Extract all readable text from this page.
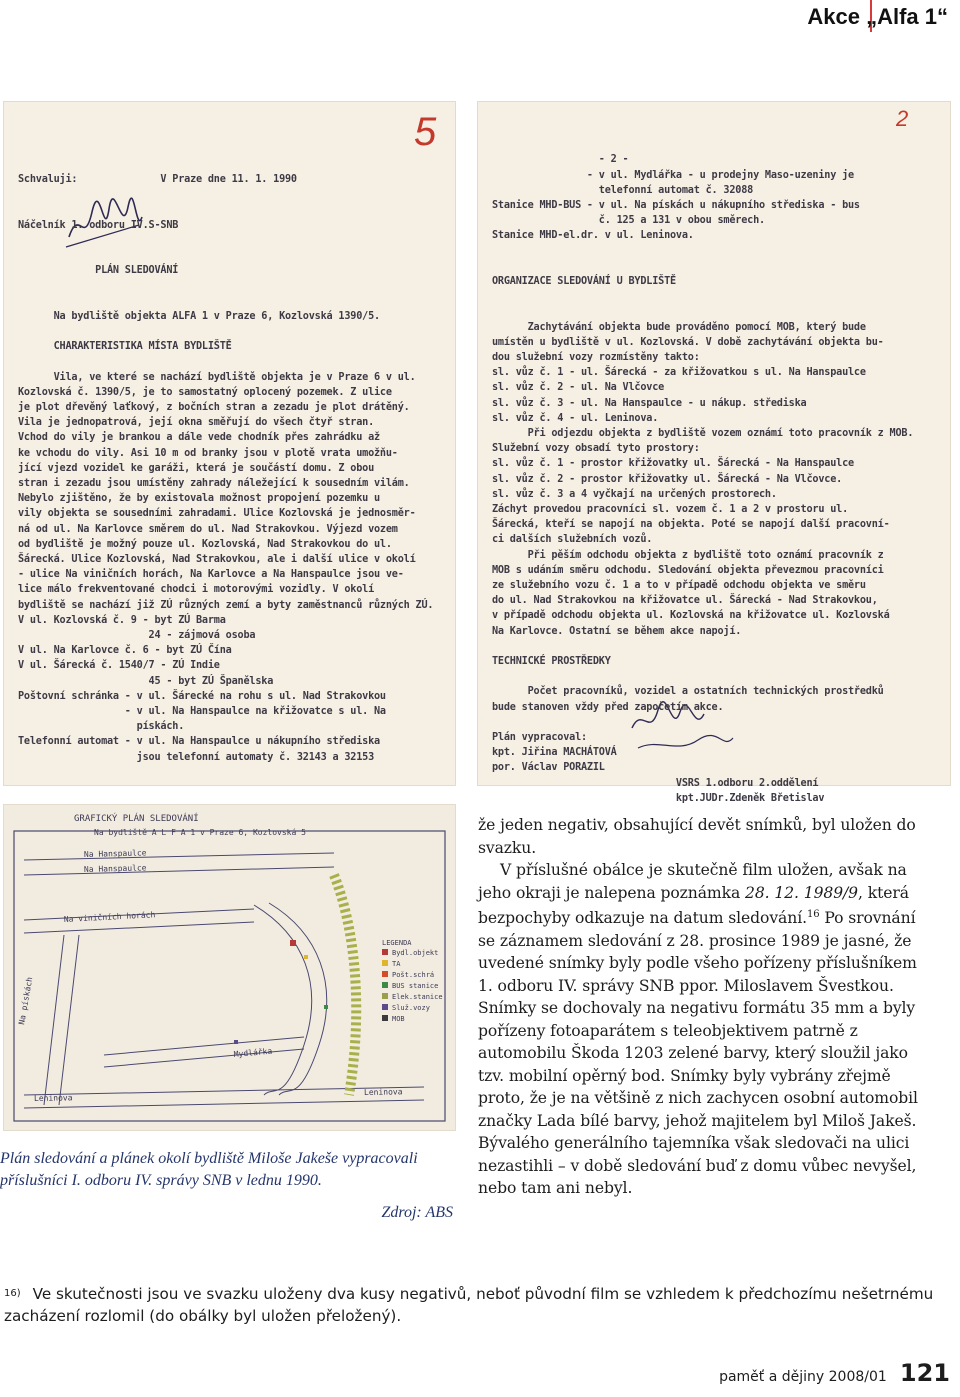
Akce „Alfa 1“
5
Schvaluji:              V Praze dne 11. 1. 1990
Náčelník 1. odboru IV.S-SNB
PLÁN SLEDOVÁNÍ
Na bydliště objekta ALFA 1 v Praze 6, Kozlovská 1390/5.
CHARAKTERISTIKA MÍSTA BYDLIŠTĚ
Vila, ve které se nachází bydliště objekta je v Praze 6 v ul.
Kozlovská č. 1390/5, je to samostatný oplocený pozemek. Z ulice
je plot dřevěný laťkový, z bočních stran a zezadu je plot drátěný.
Vila je jednopatrová, její okna směřují do všech čtyř stran.
Vchod do vily je brankou a dále vede chodník přes zahrádku až
ke vchodu do vily. Asi 10 m od branky jsou v plotě vrata umožňu-
jící vjezd vozidel ke garáži, která je součástí domu. Z obou
stran i zezadu jsou umístěny zahrady náležející k sousedním vilám.
Nebylo zjištěno, že by existovala možnost propojení pozemku u
vily objekta se sousedními zahradami. Ulice Kozlovská je jednosměr-
ná od ul. Na Karlovce směrem do ul. Nad Strakovkou. Výjezd vozem
od bydliště je možný pouze ul. Kozlovská, Nad Strakovkou do ul.
Šárecká. Ulice Kozlovská, Nad Strakovkou, ale i další ulice v okolí
- ulice Na viničních horách, Na Karlovce a Na Hanspaulce jsou ve-
lice málo frekventované chodci i motorovými vozidly. V okolí
bydliště se nachází již ZÚ různých zemí a byty zaměstnanců různých ZÚ.
V ul. Kozlovská č. 9 - byt ZÚ Barma
24 - zájmová osoba
V ul. Na Karlovce č. 6 - byt ZÚ Čína
V ul. Šárecká č. 1540/7 - ZÚ Indie
45 - byt ZÚ Španělska
Poštovní schránka - v ul. Šárecké na rohu s ul. Nad Strakovkou
- v ul. Na Hanspaulce na křižovatce s ul. Na
pískách.
Telefonní automat - v ul. Na Hanspaulce u nákupního střediska
jsou telefonní automaty č. 32143 a 32153
2
- 2 -
- v ul. Mydlářka - u prodejny Maso-uzeniny je
telefonní automat č. 32088
Stanice MHD-BUS - v ul. Na pískách u nákupního střediska - bus
č. 125 a 131 v obou směrech.
Stanice MHD-el.dr. v ul. Leninova.
ORGANIZACE SLEDOVÁNÍ U BYDLIŠTĚ
Zachytávání objekta bude prováděno pomocí MOB, který bude
umístěn u bydliště v ul. Kozlovská. V době zachytávání objekta bu-
dou služební vozy rozmístěny takto:
sl. vůz č. 1 - ul. Šárecká - za křižovatkou s ul. Na Hanspaulce
sl. vůz č. 2 - ul. Na Vlčovce
sl. vůz č. 3 - ul. Na Hanspaulce - u nákup. střediska
sl. vůz č. 4 - ul. Leninova.
Při odjezdu objekta z bydliště vozem oznámí toto pracovník z MOB.
Služební vozy obsadí tyto prostory:
sl. vůz č. 1 - prostor křižovatky ul. Šárecká - Na Hanspaulce
sl. vůz č. 2 - prostor křižovatky ul. Šárecká - Na Vlčovce.
sl. vůz č. 3 a 4 vyčkají na určených prostorech.
Záchyt provedou pracovníci sl. vozem č. 1 a 2 v prostoru ul.
Šárecká, kteří se napojí na objekta. Poté se napojí další pracovní-
ci dalších služebních vozů.
Při pěším odchodu objekta z bydliště toto oznámí pracovník z
MOB s udáním směru odchodu. Sledování objekta převezmou pracovníci
ze služebního vozu č. 1 a to v případě odchodu objekta ve směru
do ul. Nad Strakovkou na křižovatce ul. Šárecká - Nad Strakovkou,
v případě odchodu objekta ul. Kozlovská na křižovatce ul. Kozlovská
Na Karlovce. Ostatní se během akce napojí.
TECHNICKÉ PROSTŘEDKY
Počet pracovníků, vozidel a ostatních technických prostředků
bude stanoven vždy před započetím akce.
Plán vypracoval:
kpt. Jiřina MACHÁTOVÁ
por. Václav PORAZIL
VSRS 1.odboru 2.oddělení
kpt.JUDr.Zdeněk Břetislav
GRAFICKÝ PLÁN SLEDOVÁNÍ
Na bydliště A L F A 1 v Praze 6, Kozlovská 5
Na Hanspaulce
Na Hanspaulce
Na viničních horách
Na pískách
Leninova
Leninova
Mydlářka
LEGENDA
Bydl.objekt
TA
Pošt.schrá
BUS stanice
Elek.stanice
Služ.vozy
MOB
Plán sledování a plánek okolí bydliště Miloše Jakeše vypracovali příslušníci I. odboru IV. správy SNB v lednu 1990.
Zdroj: ABS

že jeden negativ, obsahující devět snímků, byl uložen do svazku.

V příslušné obálce je skutečně film uložen, avšak na jeho okraji je nalepena poznámka 28. 12. 1989/9, která bezpochyby odkazuje na datum sledování.$^{16}$ Po srovnání se záznamem sledování z 28. prosince 1989 je jasné, že uvedené snímky byly podle všeho pořízeny příslušníkem 1. odboru IV. správy SNB ppor. Miloslavem Švestkou. Snímky se dochovaly na negativu formátu 35 mm a byly pořízeny fotoaparátem s teleobjektivem patrně z automobilu Škoda 1203 zelené barvy, který sloužil jako tzv. mobilní opěrný bod. Snímky byly vybrány zřejmě proto, že je na většině z nich zachycen osobní automobil značky Lada bílé barvy, jehož majitelem byl Miloš Jakeš. Bývalého generálního tajemníka však sledovači na ulici nezastihli – v době sledování buď z domu vůbec nevyšel, nebo tam ani nebyl.

$^{16)}$ Ve skutečnosti jsou ve svazku uloženy dva kusy negativů, neboť původní film se vzhledem k předchozímu nešetrnému zacházení rozlomil (do obálky byl uložen přeložený).
paměť a dějiny 2008/01 121
